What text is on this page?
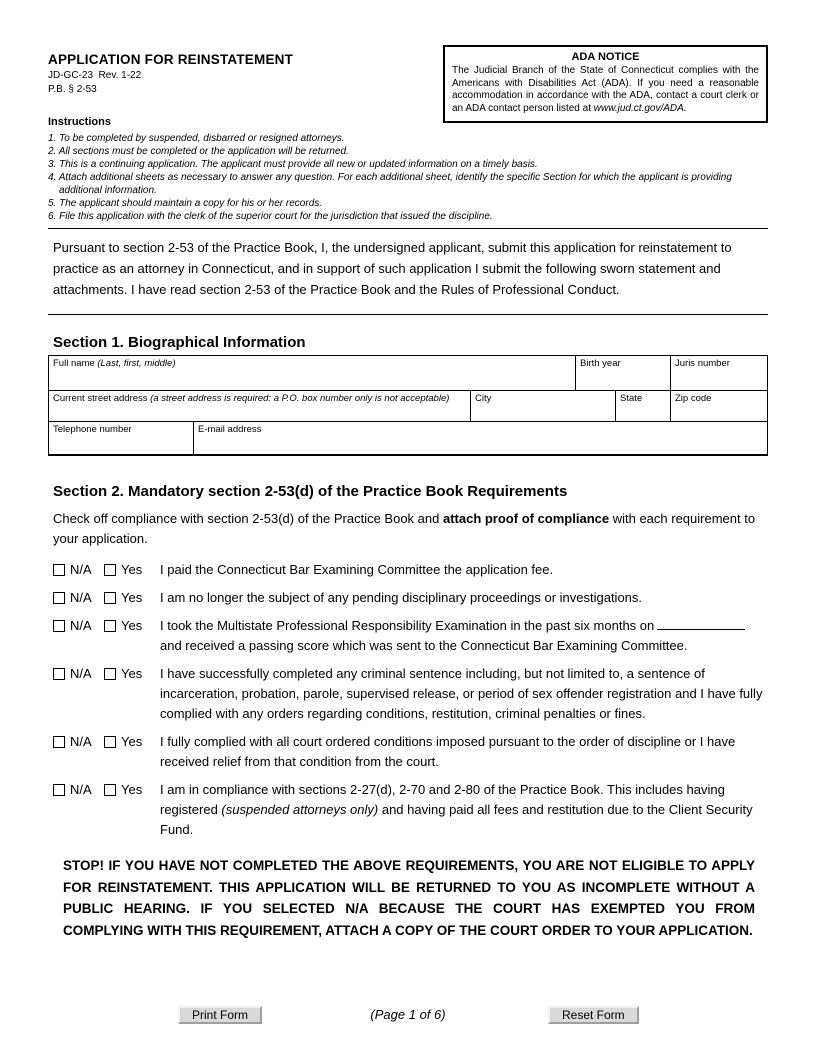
ADA NOTICE
The Judicial Branch of the State of Connecticut complies with the Americans with Disabilities Act (ADA). If you need a reasonable accommodation in accordance with the ADA, contact a court clerk or an ADA contact person listed at www.jud.ct.gov/ADA.
APPLICATION FOR REINSTATEMENT
JD-GC-23  Rev. 1-22
P.B. § 2-53
Instructions
1. To be completed by suspended, disbarred or resigned attorneys.
2. All sections must be completed or the application will be returned.
3. This is a continuing application. The applicant must provide all new or updated information on a timely basis.
4. Attach additional sheets as necessary to answer any question. For each additional sheet, identify the specific Section for which the applicant is providing additional information.
5. The applicant should maintain a copy for his or her records.
6. File this application with the clerk of the superior court for the jurisdiction that issued the discipline.
Pursuant to section 2-53 of the Practice Book, I, the undersigned applicant, submit this application for reinstatement to practice as an attorney in Connecticut, and in support of such application I submit the following sworn statement and attachments. I have read section 2-53 of the Practice Book and the Rules of Professional Conduct.
Section 1. Biographical Information
Full name (Last, first, middle)	Birth year	Juris number
Current street address (a street address is required: a P.O. box number only is not acceptable)	City	State	Zip code
Telephone number	E-mail address
Section 2. Mandatory section 2-53(d) of the Practice Book Requirements
Check off compliance with section 2-53(d) of the Practice Book and attach proof of compliance with each requirement to your application.
N/A Yes I paid the Connecticut Bar Examining Committee the application fee.
N/A Yes I am no longer the subject of any pending disciplinary proceedings or investigations.
N/A Yes I took the Multistate Professional Responsibility Examination in the past six months on
and received a passing score which was sent to the Connecticut Bar Examining Committee.
N/A Yes I have successfully completed any criminal sentence including, but not limited to, a sentence of incarceration, probation, parole, supervised release, or period of sex offender registration and I have fully complied with any orders regarding conditions, restitution, criminal penalties or fines.
N/A Yes I fully complied with all court ordered conditions imposed pursuant to the order of discipline or I have received relief from that condition from the court.
N/A Yes I am in compliance with sections 2-27(d), 2-70 and 2-80 of the Practice Book. This includes having registered (suspended attorneys only) and having paid all fees and restitution due to the Client Security Fund.
STOP! IF YOU HAVE NOT COMPLETED THE ABOVE REQUIREMENTS, YOU ARE NOT ELIGIBLE TO APPLY FOR REINSTATEMENT. THIS APPLICATION WILL BE RETURNED TO YOU AS INCOMPLETE WITHOUT A PUBLIC HEARING. IF YOU SELECTED N/A BECAUSE THE COURT HAS EXEMPTED YOU FROM COMPLYING WITH THIS REQUIREMENT, ATTACH A COPY OF THE COURT ORDER TO YOUR APPLICATION.
Print Form	(Page 1 of 6)	Reset Form
